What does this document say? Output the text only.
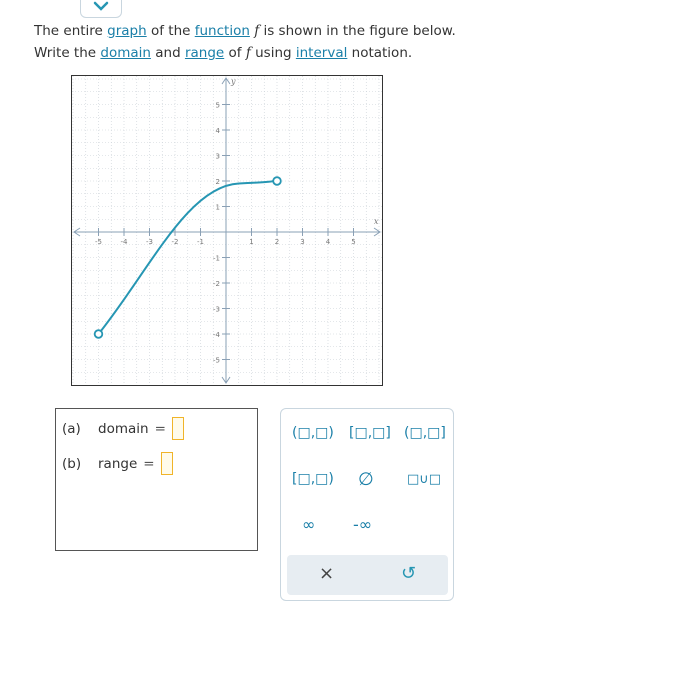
The entire graph of the function f is shown in the figure below.
Write the domain and range of f using interval notation.
-5	-4	-3	-2	-1	1	2	3	4	5
5
4
3
2
1
-1
-2
-3
-4
-5
x
y
(a)	domain =
(b)	range =
(□,□) [□,□] (□,□]
[□,□) ∅	□∪□
∞ -∞
×	↺
